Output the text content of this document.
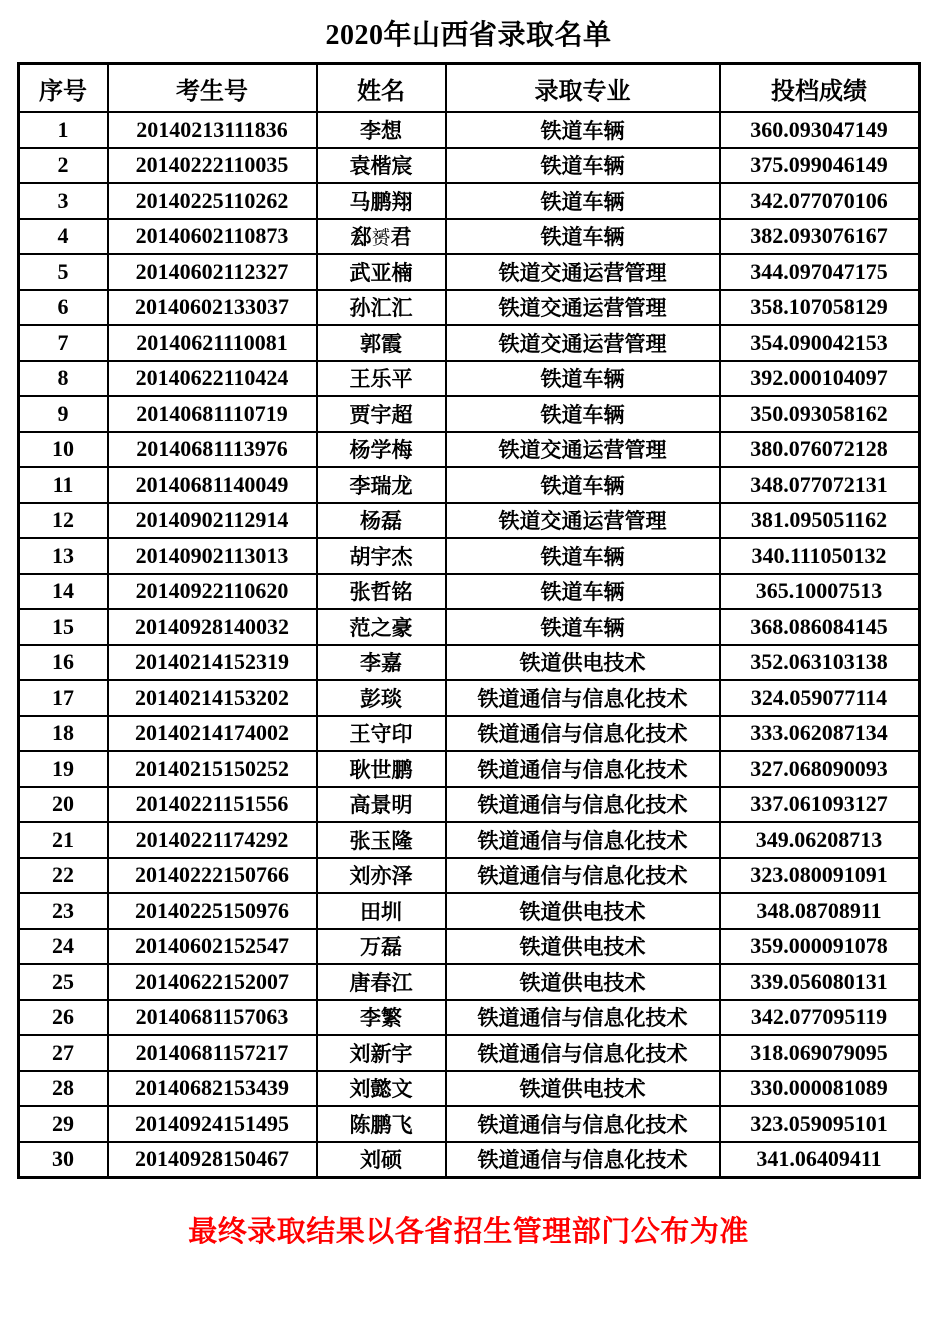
2020年山西省录取名单
序号	考生号	姓名	录取专业	投档成绩
1	20140213111836	李想	铁道车辆	360.093047149
2	20140222110035	袁楷宸	铁道车辆	375.099046149
3	20140225110262	马鹏翔	铁道车辆	342.077070106
4	20140602110873	郄赟君	铁道车辆	382.093076167
5	20140602112327	武亚楠	铁道交通运营管理	344.097047175
6	20140602133037	孙汇汇	铁道交通运营管理	358.107058129
7	20140621110081	郭霞	铁道交通运营管理	354.090042153
8	20140622110424	王乐平	铁道车辆	392.000104097
9	20140681110719	贾宇超	铁道车辆	350.093058162
10	20140681113976	杨学梅	铁道交通运营管理	380.076072128
11	20140681140049	李瑞龙	铁道车辆	348.077072131
12	20140902112914	杨磊	铁道交通运营管理	381.095051162
13	20140902113013	胡宇杰	铁道车辆	340.111050132
14	20140922110620	张哲铭	铁道车辆	365.10007513
15	20140928140032	范之豪	铁道车辆	368.086084145
16	20140214152319	李嘉	铁道供电技术	352.063103138
17	20140214153202	彭琰	铁道通信与信息化技术	324.059077114
18	20140214174002	王守印	铁道通信与信息化技术	333.062087134
19	20140215150252	耿世鹏	铁道通信与信息化技术	327.068090093
20	20140221151556	高景明	铁道通信与信息化技术	337.061093127
21	20140221174292	张玉隆	铁道通信与信息化技术	349.06208713
22	20140222150766	刘亦泽	铁道通信与信息化技术	323.080091091
23	20140225150976	田圳	铁道供电技术	348.08708911
24	20140602152547	万磊	铁道供电技术	359.000091078
25	20140622152007	唐春江	铁道供电技术	339.056080131
26	20140681157063	李繁	铁道通信与信息化技术	342.077095119
27	20140681157217	刘新宇	铁道通信与信息化技术	318.069079095
28	20140682153439	刘懿文	铁道供电技术	330.000081089
29	20140924151495	陈鹏飞	铁道通信与信息化技术	323.059095101
30	20140928150467	刘硕	铁道通信与信息化技术	341.06409411
最终录取结果以各省招生管理部门公布为准
